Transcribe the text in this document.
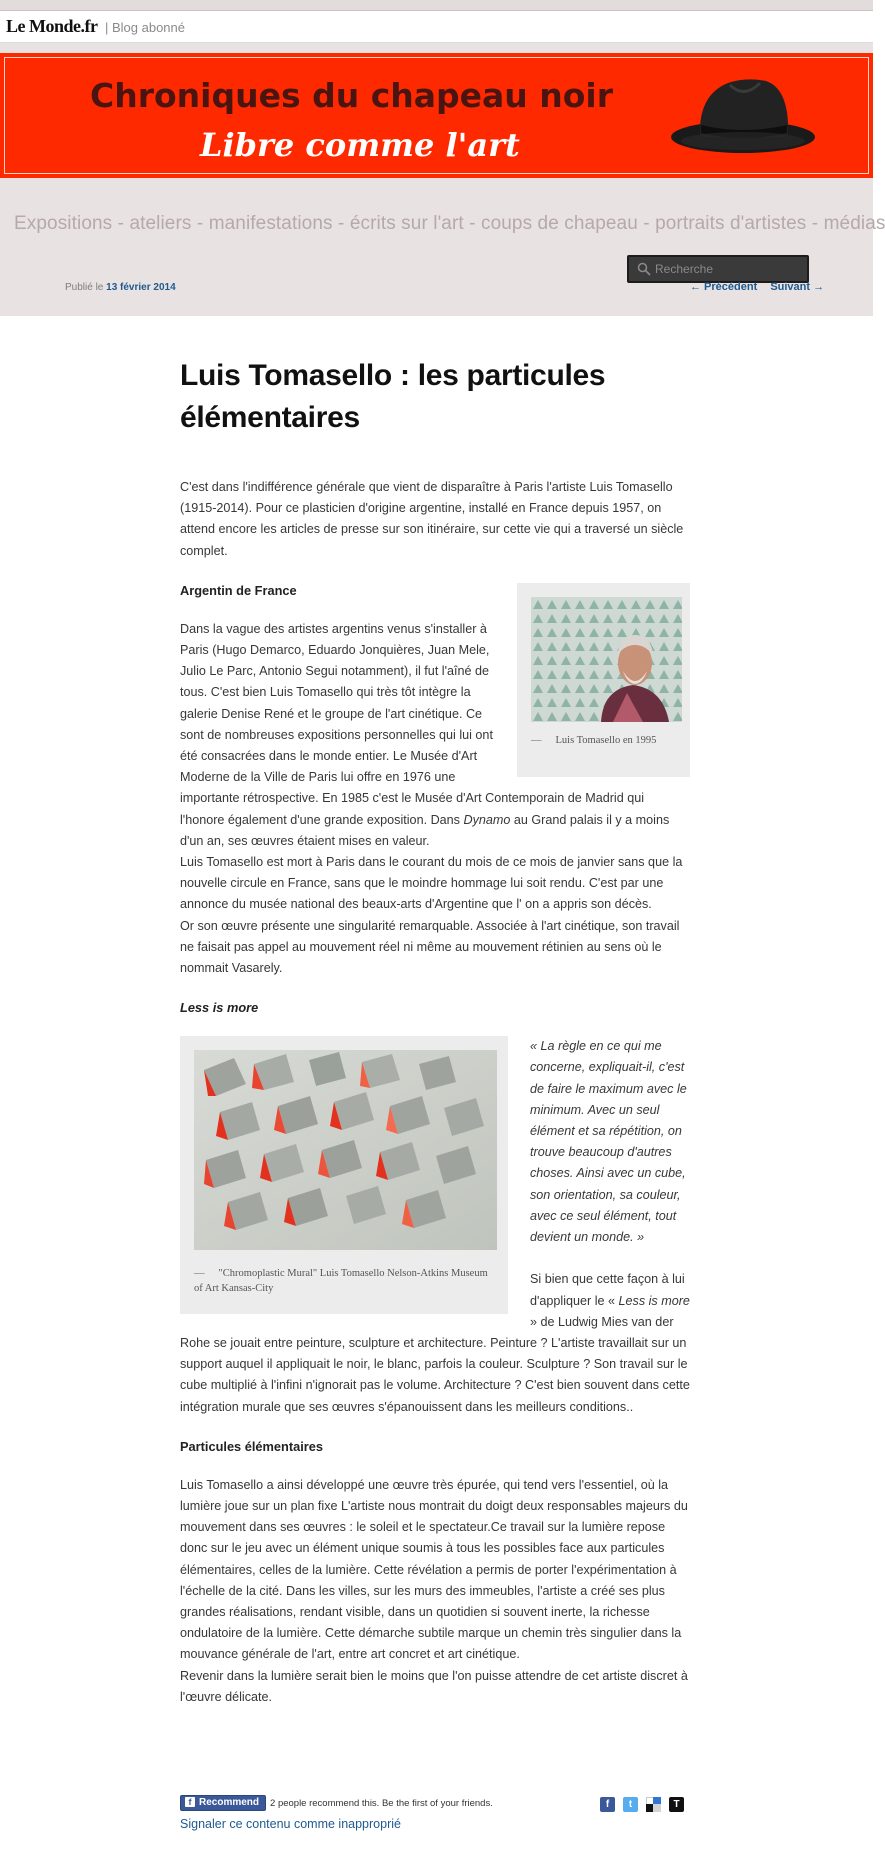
Le Monde.fr | Blog abonné
Chroniques du chapeau noir
Libre comme l'art
Expositions - ateliers - manifestations - écrits sur l'art - coups de chapeau - portraits d'artistes - médias
Recherche
Publié le 13 février 2014	← Précédent Suivant →
Luis Tomasello : les particules élémentaires

C'est dans l'indifférence générale que vient de disparaître à Paris l'artiste Luis Tomasello (1915-2014). Pour ce plasticien d'origine argentine, installé en France depuis 1957, on attend encore les articles de presse sur son itinéraire, sur cette vie qui a traversé un siècle complet.

— Luis Tomasello en 1995

Argentin de France

Dans la vague des artistes argentins venus s'installer à Paris (Hugo Demarco, Eduardo Jonquières, Juan Mele, Julio Le Parc, Antonio Segui notamment), il fut l'aîné de tous. C'est bien Luis Tomasello qui très tôt intègre la galerie Denise René et le groupe de l'art cinétique. Ce sont de nombreuses expositions personnelles qui lui ont été consacrées dans le monde entier. Le Musée d'Art Moderne de la Ville de Paris lui offre en 1976 une importante rétrospective. En 1985 c'est le Musée d'Art Contemporain de Madrid qui l'honore également d'une grande exposition. Dans Dynamo au Grand palais il y a moins d'un an, ses œuvres étaient mises en valeur.

Luis Tomasello est mort à Paris dans le courant du mois de ce mois de janvier sans que la nouvelle circule en France, sans que le moindre hommage lui soit rendu. C'est par une annonce du musée national des beaux-arts d'Argentine que l' on a appris son décès.

Or son œuvre présente une singularité remarquable. Associée à l'art cinétique, son travail ne faisait pas appel au mouvement réel ni même au mouvement rétinien au sens où le nommait Vasarely.

Less is more

— "Chromoplastic Mural" Luis Tomasello Nelson-Atkins Museum of Art Kansas-City

« La règle en ce qui me concerne, expliquait-il, c'est de faire le maximum avec le minimum. Avec un seul élément et sa répétition, on trouve beaucoup d'autres choses. Ainsi avec un cube, son orientation, sa couleur, avec ce seul élément, tout devient un monde. »

Si bien que cette façon à lui d'appliquer le « Less is more » de Ludwig Mies van der Rohe se jouait entre peinture, sculpture et architecture. Peinture ? L'artiste travaillait sur un support auquel il appliquait le noir, le blanc, parfois la couleur. Sculpture ? Son travail sur le cube multiplié à l'infini n'ignorait pas le volume. Architecture ? C'est bien souvent dans cette intégration murale que ses œuvres s'épanouissent dans les meilleurs conditions..

Particules élémentaires

Luis Tomasello a ainsi développé une œuvre très épurée, qui tend vers l'essentiel, où la lumière joue sur un plan fixe L'artiste nous montrait du doigt deux responsables majeurs du mouvement dans ses œuvres : le soleil et le spectateur.Ce travail sur la lumière repose donc sur le jeu avec un élément unique soumis à tous les possibles face aux particules élémentaires, celles de la lumière. Cette révélation a permis de porter l'expérimentation à l'échelle de la cité. Dans les villes, sur les murs des immeubles, l'artiste a créé ses plus grandes réalisations, rendant visible, dans un quotidien si souvent inerte, la richesse ondulatoire de la lumière. Cette démarche subtile marque un chemin très singulier dans la mouvance générale de l'art, entre art concret et art cinétique.

Revenir dans la lumière serait bien le moins que l'on puisse attendre de cet artiste discret à l'œuvre délicate.

f Recommend 2 people recommend this. Be the first of your friends.	f	t	T
Signaler ce contenu comme inapproprié
